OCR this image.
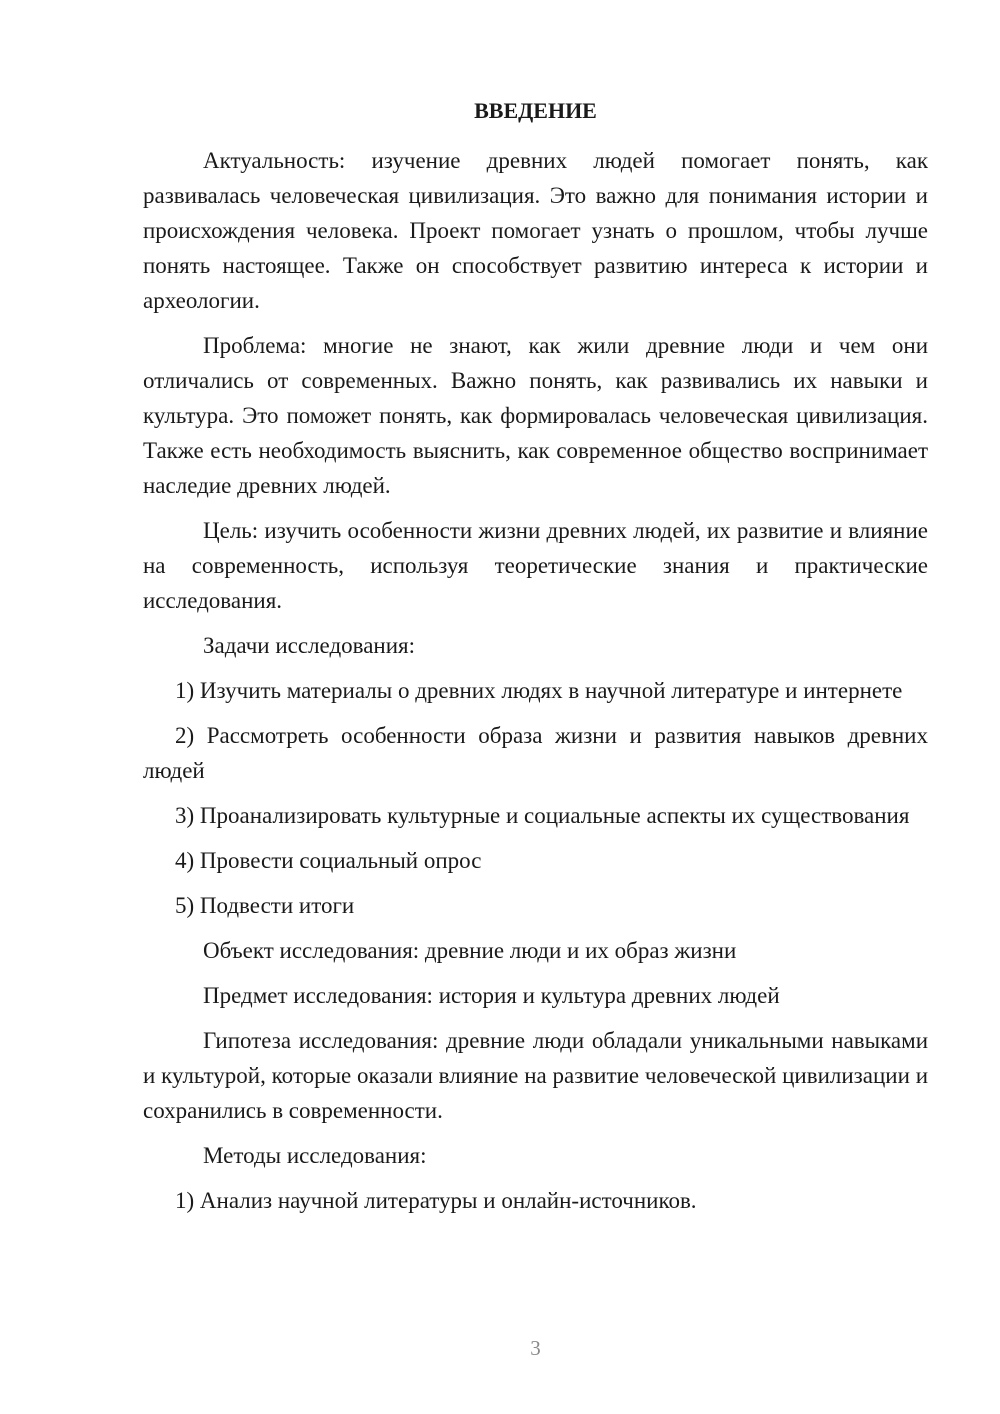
ВВЕДЕНИЕ

Актуальность: изучение древних людей помогает понять, как развивалась человеческая цивилизация. Это важно для понимания истории и происхождения человека. Проект помогает узнать о прошлом, чтобы лучше понять настоящее. Также он способствует развитию интереса к истории и археологии.

Проблема: многие не знают, как жили древние люди и чем они отличались от современных. Важно понять, как развивались их навыки и культура. Это поможет понять, как формировалась человеческая цивилизация. Также есть необходимость выяснить, как современное общество воспринимает наследие древних людей.

Цель: изучить особенности жизни древних людей, их развитие и влияние на современность, используя теоретические знания и практические исследования.

Задачи исследования:

1) Изучить материалы о древних людях в научной литературе и интернете

2) Рассмотреть особенности образа жизни и развития навыков древних людей

3) Проанализировать культурные и социальные аспекты их существования

4) Провести социальный опрос

5) Подвести итоги

Объект исследования: древние люди и их образ жизни

Предмет исследования: история и культура древних людей

Гипотеза исследования: древние люди обладали уникальными навыками и культурой, которые оказали влияние на развитие человеческой цивилизации и сохранились в современности.

Методы исследования:

1) Анализ научной литературы и онлайн-источников.

3
